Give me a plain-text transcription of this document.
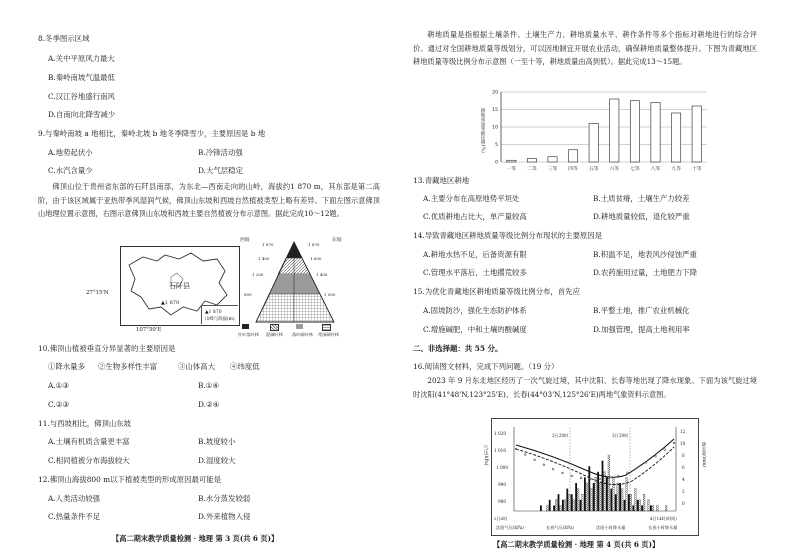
8.冬季图示区域
A.关中平原风力最大
B.秦岭南坡气温最低
C.汉江谷地盛行南风
D.自南向北降雪减少
9.与秦岭南坡 a 地相比，秦岭北坡 b 地冬季降雪少，主要原因是 b 地
A.地势起伏小	B.冷锋活动强
C.水汽含量少	D.大气层稳定
佛顶山位于贵州省东部的石阡县南部，为东北—西南走向的山岭，海拔约1 870 m，其东部是第二高阶，由于该区域属于亚热带季风湿润气候，佛顶山东坡和西坡自然植被类型上略有差异。下面左图示意佛顶山地理位置示意图，右图示意佛顶山东坡和西坡主要自然植被分布示意图。据此完成10～12题。
石阡县
▲1 870
▲1 870
山峰与海拔(m)
27°15'N
107°50'E
西坡	东坡
1 870
1 400
1 200
800
1 870
1 600
1 400
1 000
针叶落叶林 混阔叶林 落叶阔叶林 常绿阔叶林
10.佛顶山植被垂直分异显著的主要原因是
①降水量多 ②生物多样性丰富	③山体高大 ④纬度低
A.①③	B.①④
C.②③	D.②④
11.与西坡相比，佛顶山东坡
A.土壤有机质含量更丰富	B.坡度较小
C.相同植被分布海拔较大	D.湿度较大
12.佛顶山海拔800 m以下植被类型的形成原因最可能是
A.人类活动较强	B.水分蒸发较弱
C.热量条件不足	D.外来植物入侵
【高二期末教学质量检测 · 地理 第 3 页(共 6 页)】
耕地质量是指根据土壤条件、土壤生产力、耕地质量水平、耕作条件等多个指标对耕地进行的综合评价。通过对全国耕地质量等级划分，可以因地制宜开展农业活动，确保耕地质量整体提升。下图为青藏地区耕地质量等级比例分布示意图（一至十等，耕地质量由高到低）。据此完成13～15题。
0
5
10
15
20
一等 二等 三等 四等 五等 六等 七等 八等 九等 十等
耕地质量等级比例(%)
13.青藏地区耕地
A.主要分布在高原地势平坦处	B.土质贫瘠，土壤生产力较差
C.优质耕地占比大，单产量较高	D.耕地质量较低，退化较严重
14.导致青藏地区耕地质量等级比例分布现状的主要原因是
A.耕地水热不足，后备资源有限	B.积温不足，地表风沙侵蚀严重
C.管理水平落后，土地撂荒较多	D.农药施用过量，土地肥力下降
15.为优化青藏地区耕地质量等级比例分布，首先应
A.固坡防沙，强化生态防护体系	B.平整土地，推广农业机械化
C.增施碱肥，中和土壤的酸碱度	D.加强管理，提高土地利用率
二、非选择题：共 55 分。
16.阅读图文材料，完成下列问题。（19 分）
2023 年 9 月东北地区经历了一次气旋过境，其中沈阳、长春等地出现了降水现象。下面为该气旋过境时沈阳(41°48'N,123°25'E)、长春(44°03'N,125°26'E)两地气象资料示意图。
1 020
1 010
1 000
990
980
12
10
8
6
4
2
0
2日20时	3日20时
4日14时(时间)
2日8时
沈阳气压(hPa)	长春气压(hPa)	沈阳小时降水量	长春小时降水量
气压(hPa)	降水量(mm)
【高二期末教学质量检测 · 地理 第 4 页(共 6 页)】
